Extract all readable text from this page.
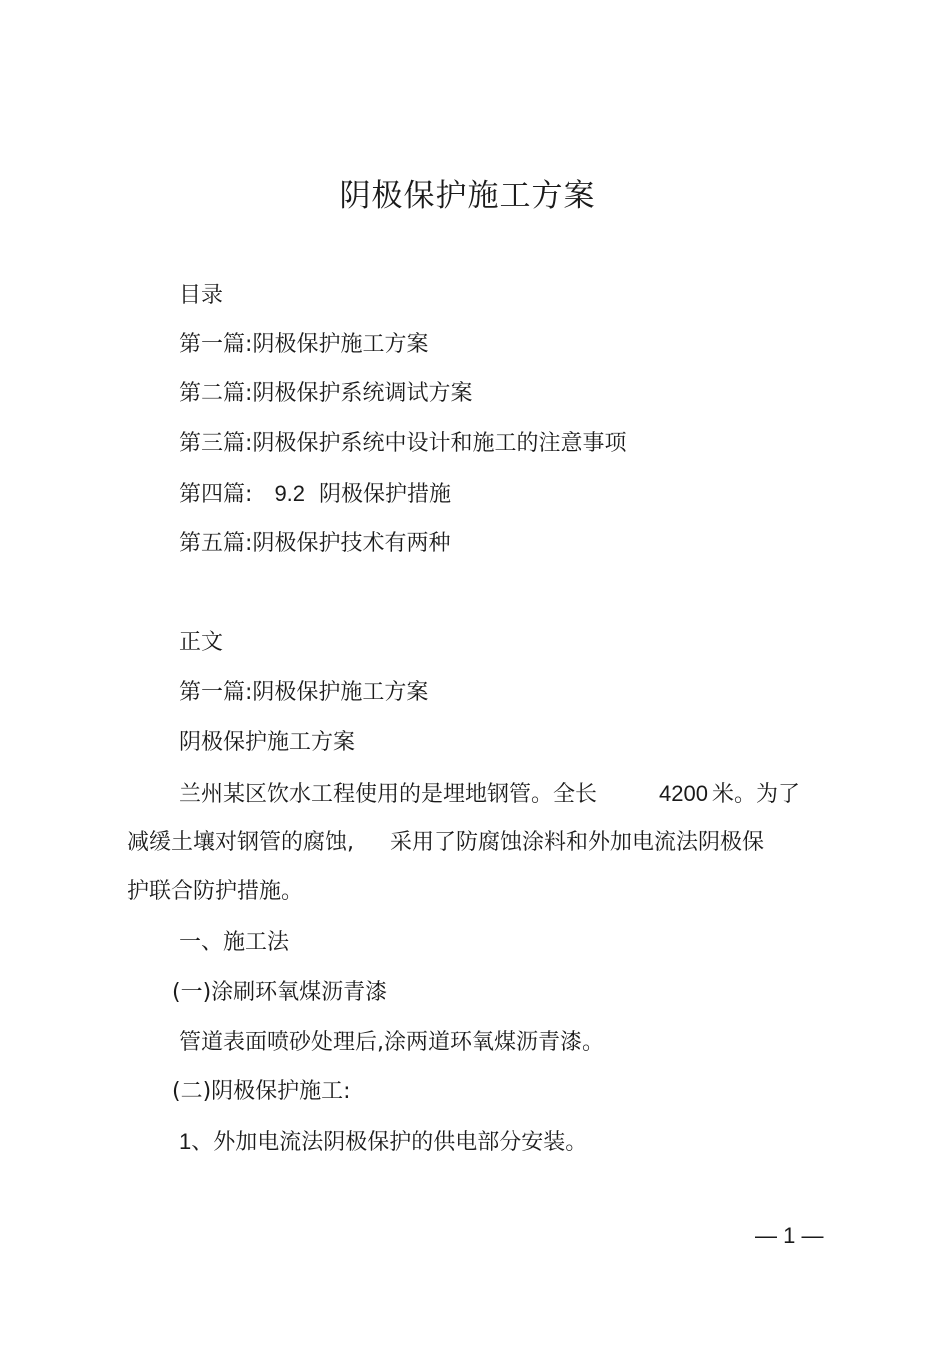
阴极保护施工方案
目录
第一篇:阴极保护施工方案
第二篇:阴极保护系统调试方案
第三篇:阴极保护系统中设计和施工的注意事项
第四篇: 9.2 阴极保护措施
第五篇:阴极保护技术有两种
正文
第一篇:阴极保护施工方案
阴极保护施工方案
兰州某区饮水工程使用的是埋地钢管。全长	4200 米。为了
减缓土壤对钢管的腐蚀, 采用了防腐蚀涂料和外加电流法阴极保
护联合防护措施。
一、施工法
(一)涂刷环氧煤沥青漆
管道表面喷砂处理后,涂两道环氧煤沥青漆。
(二)阴极保护施工:
1、外加电流法阴极保护的供电部分安装。
— 1 —
